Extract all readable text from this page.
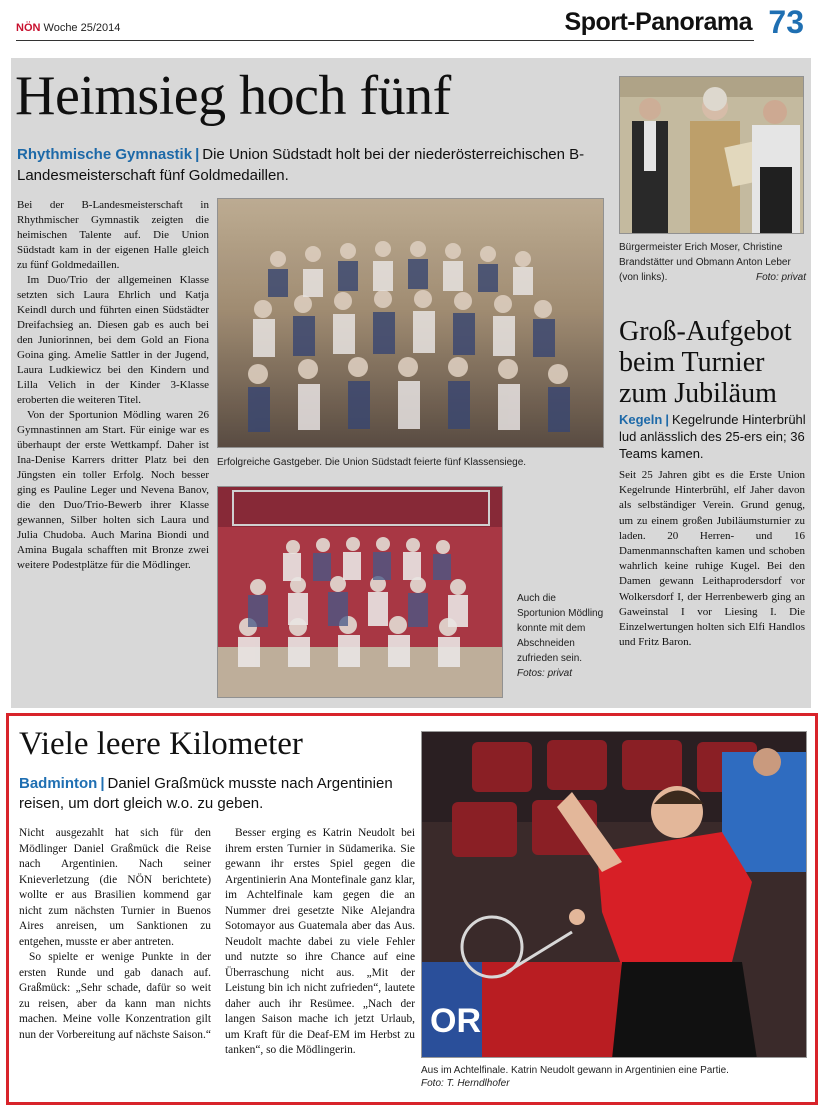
NÖN Woche 25/2014	Sport-Panorama 73
Heimsieg hoch fünf
Rhythmische Gymnastik | Die Union Südstadt holt bei der niederösterreichischen B-Landesmeisterschaft fünf Goldmedaillen.

Bei der B-Landesmeisterschaft in Rhythmischer Gymnastik zeigten die heimischen Talente auf. Die Union Südstadt kam in der eigenen Halle gleich zu fünf Goldmedaillen.

Im Duo/Trio der allgemeinen Klasse setzten sich Laura Ehrlich und Katja Keindl durch und führten einen Südstädter Dreifachsieg an. Diesen gab es auch bei den Juniorinnen, bei dem Gold an Fiona Goina ging. Amelie Sattler in der Jugend, Laura Ludkiewicz bei den Kindern und Lilla Velich in der Kinder 3-Klasse eroberten die weiteren Titel.

Von der Sportunion Mödling waren 26 Gymnastinnen am Start. Für einige war es überhaupt der erste Wettkampf. Daher ist Ina-Denise Karrers dritter Platz bei den Jüngsten ein toller Erfolg. Noch besser ging es Pauline Leger und Nevena Banov, die den Duo/Trio-Bewerb ihrer Klasse gewannen, Silber holten sich Laura und Julia Chudoba. Auch Marina Biondi und Amina Bugala schafften mit Bronze zwei weitere Podestplätze für die Mödlinger.

Erfolgreiche Gastgeber. Die Union Südstadt feierte fünf Klassensiege.
Auch die Sportunion Mödling konnte mit dem Abschneiden zufrieden sein. Fotos: privat
Bürgermeister Erich Moser, Christine Brandstätter und Obmann Anton Leber (von links).	Foto: privat
Groß-Aufgebot beim Turnier zum Jubiläum
Kegeln | Kegelrunde Hinterbrühl lud anlässlich des 25-ers ein; 36 Teams kamen.

Seit 25 Jahren gibt es die Erste Union Kegelrunde Hinterbrühl, elf Jaher davon als selbständiger Verein. Grund genug, um zu einem großen Jubiläumsturnier zu laden. 20 Herren- und 16 Damenmannschaften kamen und schoben wahrlich keine ruhige Kugel. Bei den Damen gewann Leithaprodersdorf vor Wolkersdorf I, der Herrenbewerb ging an Gaweinstal I vor Liesing I. Die Einzelwertungen holten sich Elfi Handlos und Fritz Baron.

Viele leere Kilometer
Badminton | Daniel Graßmück musste nach Argentinien reisen, um dort gleich w.o. zu geben.

Nicht ausgezahlt hat sich für den Mödlinger Daniel Graßmück die Reise nach Argentinien. Nach seiner Knieverletzung (die NÖN berichtete) wollte er aus Brasilien kommend gar nicht zum nächsten Turnier in Buenos Aires anreisen, um Sanktionen zu entgehen, musste er aber antreten.

So spielte er wenige Punkte in der ersten Runde und gab danach auf. Graßmück: „Sehr schade, dafür so weit zu reisen, aber da kann man nichts machen. Meine volle Konzentration gilt nun der Vorbereitung auf nächste Saison.“

Besser erging es Katrin Neudolt bei ihrem ersten Turnier in Südamerika. Sie gewann ihr erstes Spiel gegen die Argentinierin Ana Montefinale ganz klar, im Achtelfinale kam gegen die an Nummer drei gesetzte Nike Alejandra Sotomayor aus Guatemala aber das Aus. Neudolt machte dabei zu viele Fehler und nutzte so ihre Chance auf eine Überraschung nicht aus. „Mit der Leistung bin ich nicht zufrieden“, lautete daher auch ihr Resümee. „Nach der langen Saison mache ich jetzt Urlaub, um Kraft für die Deaf-EM im Herbst zu tanken“, so die Mödlingerin.

OR
Aus im Achtelfinale. Katrin Neudolt gewann in Argentinien eine Partie.
Foto: T. Herndlhofer
